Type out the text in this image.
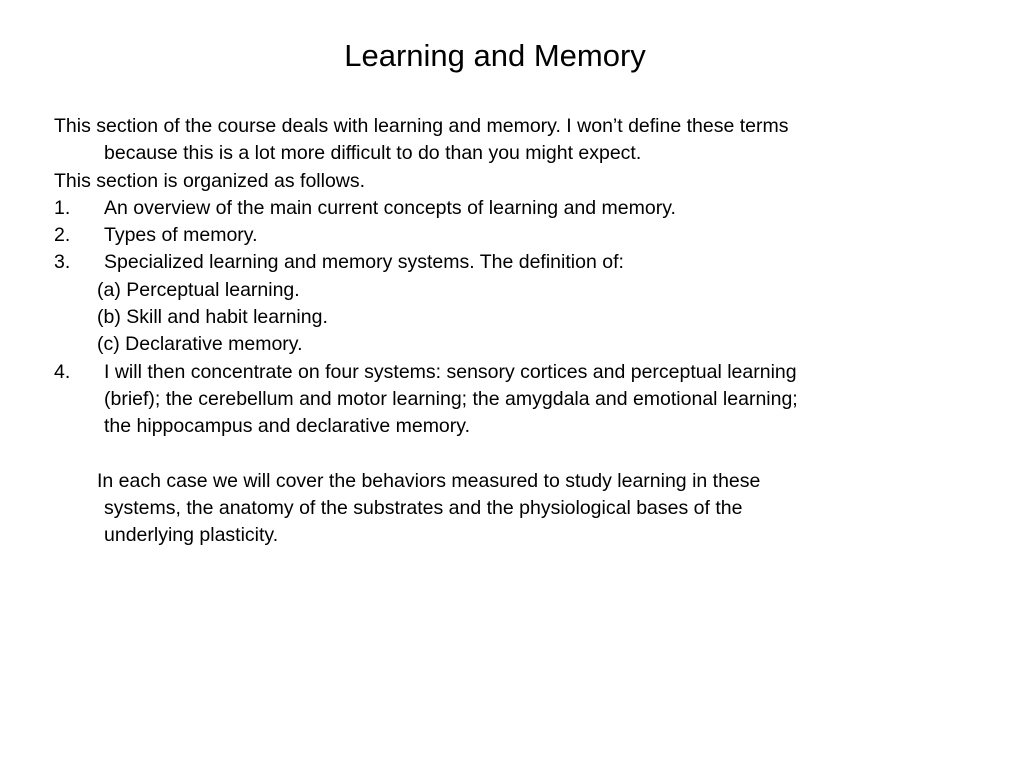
Learning and Memory
This section of the course deals with learning and memory. I won’t define these terms
because this is a lot more difficult to do than you might expect.
This section is organized as follows.
1. An overview of the main current concepts of learning and memory.
2. Types of memory.
3. Specialized learning and memory systems. The definition of:
(a) Perceptual learning.
(b) Skill and habit learning.
(c) Declarative memory.
4. I will then concentrate on four systems: sensory cortices and perceptual learning
(brief); the cerebellum and motor learning; the amygdala and emotional learning;
the hippocampus and declarative memory.
In each case we will cover the behaviors measured to study learning in these
systems, the anatomy of the substrates and the physiological bases of the
underlying plasticity.
